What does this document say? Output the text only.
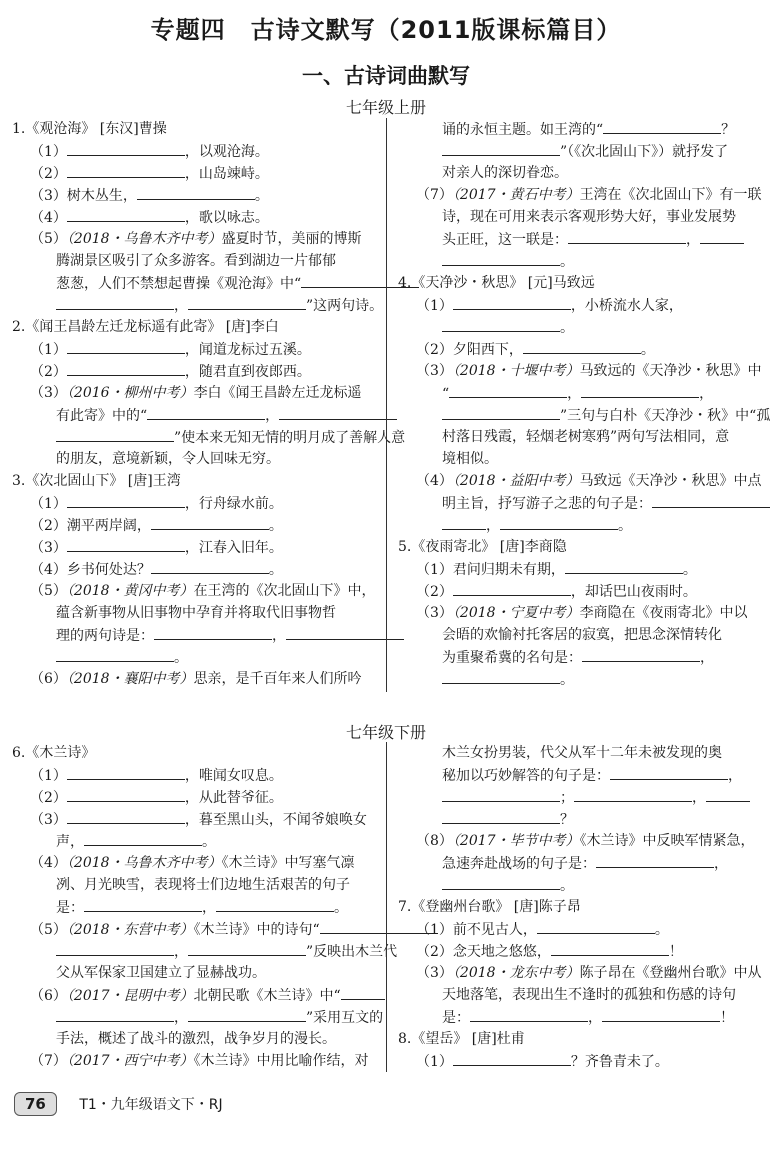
专题四　古诗文默写（2011版课标篇目）
一、古诗词曲默写
七年级上册
1.《观沧海》 [东汉]曹操
（1）	，以观沧海。
（2）	，山岛竦峙。
（3）树木丛生，	。
（4）	，歌以咏志。
（5）（2018・乌鲁木齐中考）盛夏时节，美丽的博斯
腾湖景区吸引了众多游客。看到湖边一片郁郁
葱葱，人们不禁想起曹操《观沧海》中“
，	”这两句诗。
2.《闻王昌龄左迁龙标遥有此寄》 [唐]李白
（1）	，闻道龙标过五溪。
（2）	，随君直到夜郎西。
（3）（2016・柳州中考）李白《闻王昌龄左迁龙标遥
有此寄》中的“	，
”使本来无知无情的明月成了善解人意
的朋友，意境新颖，令人回味无穷。
3.《次北固山下》 [唐]王湾
（1）	，行舟绿水前。
（2）潮平两岸阔，	。
（3）	，江春入旧年。
（4）乡书何处达？	。
（5）（2018・黄冈中考）在王湾的《次北固山下》中，
蕴含新事物从旧事物中孕育并将取代旧事物哲
理的两句诗是：	，
。
（6）（2018・襄阳中考）思亲，是千百年来人们所吟
诵的永恒主题。如王湾的“	？
”（《次北固山下》）就抒发了
对亲人的深切眷恋。
（7）（2017・黄石中考）王湾在《次北固山下》有一联
诗，现在可用来表示客观形势大好，事业发展势
头正旺，这一联是：	，
。
4.《天净沙・秋思》 [元]马致远
（1）	，小桥流水人家，
。
（2）夕阳西下，	。
（3）（2018・十堰中考）马致远的《天净沙・秋思》中
“	，	，
”三句与白朴《天净沙・秋》中“孤
村落日残霞，轻烟老树寒鸦”两句写法相同，意
境相似。
（4）（2018・益阳中考）马致远《天净沙・秋思》中点
明主旨，抒写游子之悲的句子是：
，	。
5.《夜雨寄北》 [唐]李商隐
（1）君问归期未有期，	。
（2）	，却话巴山夜雨时。
（3）（2018・宁夏中考）李商隐在《夜雨寄北》中以
会晤的欢愉衬托客居的寂寞，把思念深情转化
为重聚希冀的名句是：	，
。
七年级下册
6.《木兰诗》
（1）	，唯闻女叹息。
（2）	，从此替爷征。
（3）	，暮至黑山头，不闻爷娘唤女
声，	。
（4）（2018・乌鲁木齐中考）《木兰诗》中写塞气凛
冽、月光映雪，表现将士们边地生活艰苦的句子
是：	，	。
（5）（2018・东营中考）《木兰诗》中的诗句“
，	”反映出木兰代
父从军保家卫国建立了显赫战功。
（6）（2017・昆明中考）北朝民歌《木兰诗》中“
，	”采用互文的
手法，概述了战斗的激烈，战争岁月的漫长。
（7）（2017・西宁中考）《木兰诗》中用比喻作结，对
木兰女扮男装，代父从军十二年未被发现的奥
秘加以巧妙解答的句子是：	，
；	，
？
（8）（2017・毕节中考）《木兰诗》中反映军情紧急，
急速奔赴战场的句子是：	，
。
7.《登幽州台歌》 [唐]陈子昂
（1）前不见古人，	。
（2）念天地之悠悠，	！
（3）（2018・龙东中考）陈子昂在《登幽州台歌》中从
天地落笔，表现出生不逢时的孤独和伤感的诗句
是：	，	！
8.《望岳》 [唐]杜甫
（1）	？齐鲁青未了。
76 T1・九年级语文下・RJ
